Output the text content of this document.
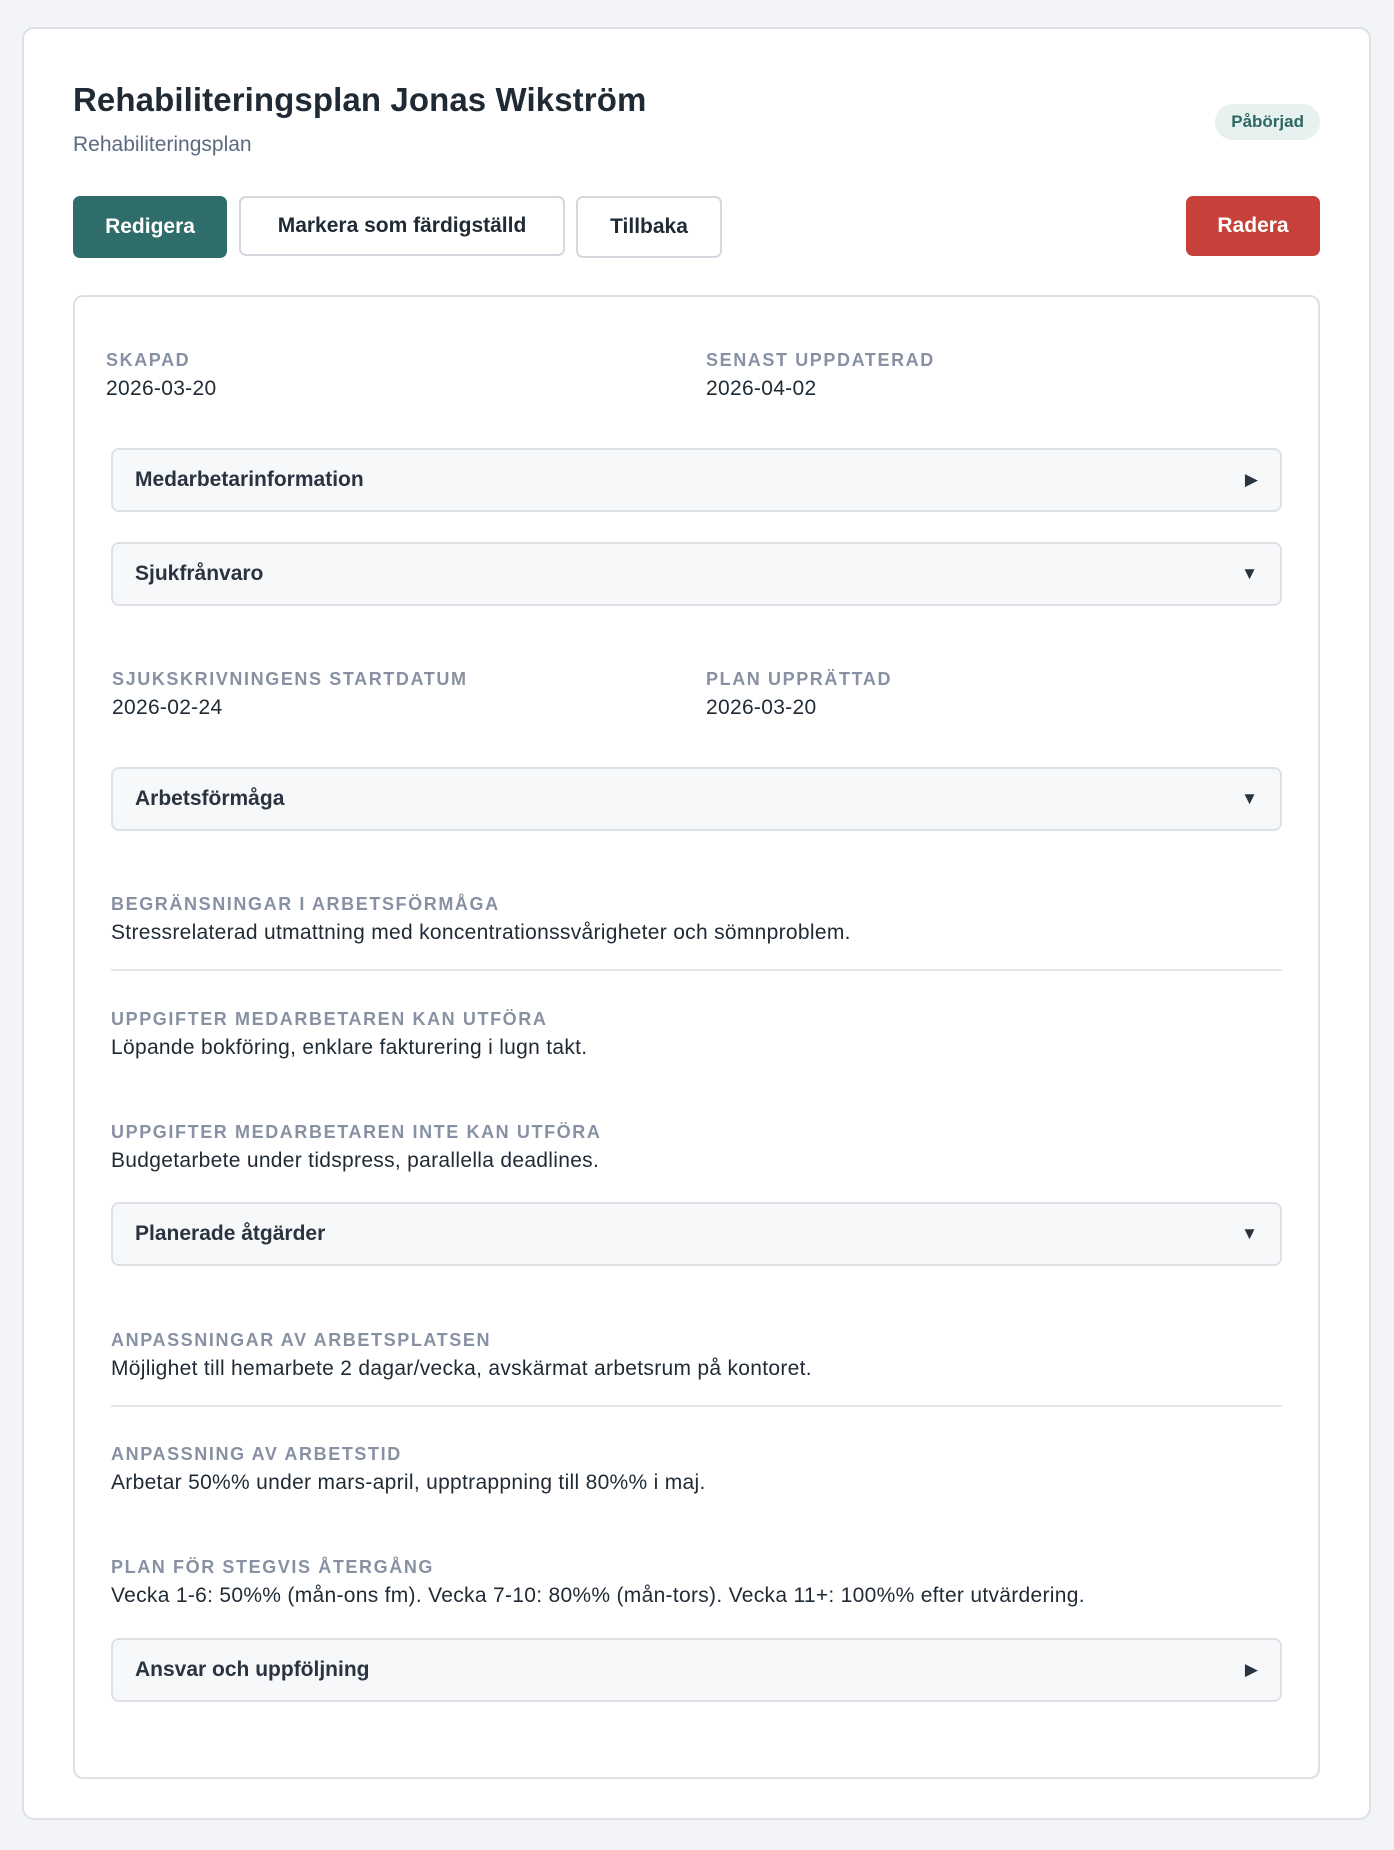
Rehabiliteringsplan Jonas Wikström
Rehabiliteringsplan
Påbörjad
Redigera	Markera som färdigställd	Tillbaka	Radera
SKAPAD
2026-03-20
SENAST UPPDATERAD
2026-04-02
Medarbetarinformation	▶
Sjukfrånvaro	▼
SJUKSKRIVNINGENS STARTDATUM
2026-02-24
PLAN UPPRÄTTAD
2026-03-20
Arbetsförmåga	▼
BEGRÄNSNINGAR I ARBETSFÖRMÅGA
Stressrelaterad utmattning med koncentrationssvårigheter och sömnproblem.
UPPGIFTER MEDARBETAREN KAN UTFÖRA
Löpande bokföring, enklare fakturering i lugn takt.
UPPGIFTER MEDARBETAREN INTE KAN UTFÖRA
Budgetarbete under tidspress, parallella deadlines.
Planerade åtgärder	▼
ANPASSNINGAR AV ARBETSPLATSEN
Möjlighet till hemarbete 2 dagar/vecka, avskärmat arbetsrum på kontoret.
ANPASSNING AV ARBETSTID
Arbetar 50%% under mars-april, upptrappning till 80%% i maj.
PLAN FÖR STEGVIS ÅTERGÅNG
Vecka 1-6: 50%% (mån-ons fm). Vecka 7-10: 80%% (mån-tors). Vecka 11+: 100%% efter utvärdering.
Ansvar och uppföljning	▶
